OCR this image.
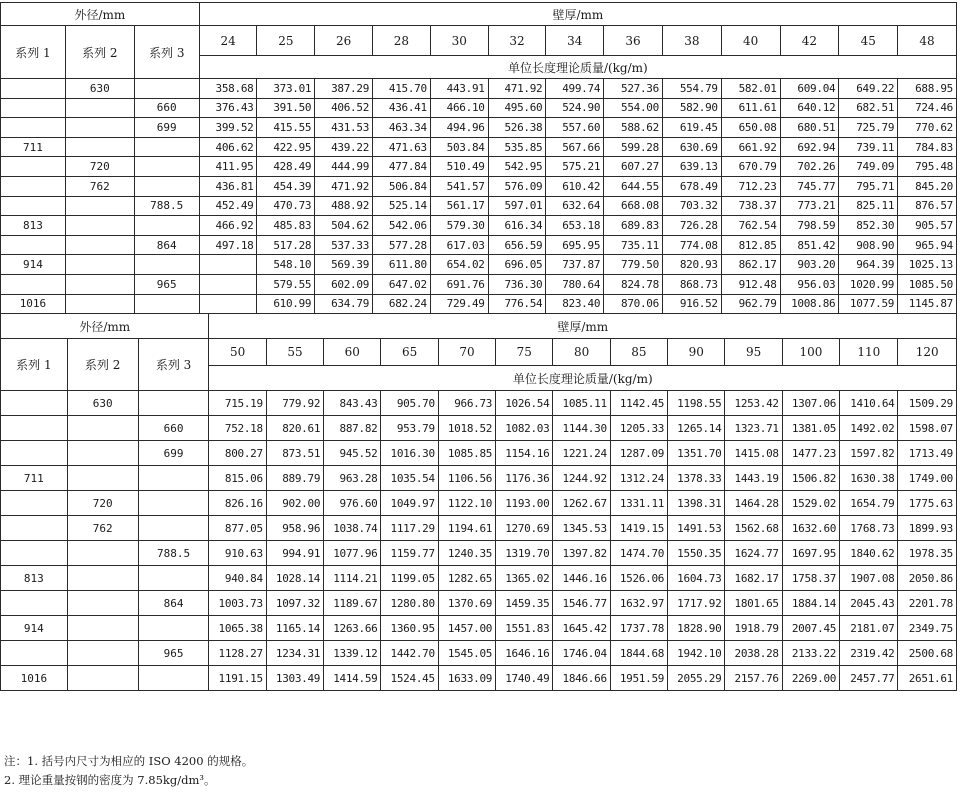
外径/mm			壁厚/mm												
系列 1	系列 2	系列 3	24	25	26	28	30	32	34	36	38	40	42	45	48
			单位长度理论质量/(kg/m)												
	630		358.68	373.01	387.29	415.70	443.91	471.92	499.74	527.36	554.79	582.01	609.04	649.22	688.95
		660	376.43	391.50	406.52	436.41	466.10	495.60	524.90	554.00	582.90	611.61	640.12	682.51	724.46
		699	399.52	415.55	431.53	463.34	494.96	526.38	557.60	588.62	619.45	650.08	680.51	725.79	770.62
711			406.62	422.95	439.22	471.63	503.84	535.85	567.66	599.28	630.69	661.92	692.94	739.11	784.83
	720		411.95	428.49	444.99	477.84	510.49	542.95	575.21	607.27	639.13	670.79	702.26	749.09	795.48
	762		436.81	454.39	471.92	506.84	541.57	576.09	610.42	644.55	678.49	712.23	745.77	795.71	845.20
		788.5	452.49	470.73	488.92	525.14	561.17	597.01	632.64	668.08	703.32	738.37	773.21	825.11	876.57
813			466.92	485.83	504.62	542.06	579.30	616.34	653.18	689.83	726.28	762.54	798.59	852.30	905.57
		864	497.18	517.28	537.33	577.28	617.03	656.59	695.95	735.11	774.08	812.85	851.42	908.90	965.94
914				548.10	569.39	611.80	654.02	696.05	737.87	779.50	820.93	862.17	903.20	964.39	1025.13
		965		579.55	602.09	647.02	691.76	736.30	780.64	824.78	868.73	912.48	956.03	1020.99	1085.50
1016				610.99	634.79	682.24	729.49	776.54	823.40	870.06	916.52	962.79	1008.86	1077.59	1145.87
外径/mm			壁厚/mm												
系列 1	系列 2	系列 3	50	55	60	65	70	75	80	85	90	95	100	110	120
			单位长度理论质量/(kg/m)												
	630		715.19	779.92	843.43	905.70	966.73	1026.54	1085.11	1142.45	1198.55	1253.42	1307.06	1410.64	1509.29
		660	752.18	820.61	887.82	953.79	1018.52	1082.03	1144.30	1205.33	1265.14	1323.71	1381.05	1492.02	1598.07
		699	800.27	873.51	945.52	1016.30	1085.85	1154.16	1221.24	1287.09	1351.70	1415.08	1477.23	1597.82	1713.49
711			815.06	889.79	963.28	1035.54	1106.56	1176.36	1244.92	1312.24	1378.33	1443.19	1506.82	1630.38	1749.00
	720		826.16	902.00	976.60	1049.97	1122.10	1193.00	1262.67	1331.11	1398.31	1464.28	1529.02	1654.79	1775.63
	762		877.05	958.96	1038.74	1117.29	1194.61	1270.69	1345.53	1419.15	1491.53	1562.68	1632.60	1768.73	1899.93
		788.5	910.63	994.91	1077.96	1159.77	1240.35	1319.70	1397.82	1474.70	1550.35	1624.77	1697.95	1840.62	1978.35
813			940.84	1028.14	1114.21	1199.05	1282.65	1365.02	1446.16	1526.06	1604.73	1682.17	1758.37	1907.08	2050.86
		864	1003.73	1097.32	1189.67	1280.80	1370.69	1459.35	1546.77	1632.97	1717.92	1801.65	1884.14	2045.43	2201.78
914			1065.38	1165.14	1263.66	1360.95	1457.00	1551.83	1645.42	1737.78	1828.90	1918.79	2007.45	2181.07	2349.75
		965	1128.27	1234.31	1339.12	1442.70	1545.05	1646.16	1746.04	1844.68	1942.10	2038.28	2133.22	2319.42	2500.68
1016			1191.15	1303.49	1414.59	1524.45	1633.09	1740.49	1846.66	1951.59	2055.29	2157.76	2269.00	2457.77	2651.61
注：1. 括号内尺寸为相应的 ISO 4200 的规格。
2. 理论重量按钢的密度为 7.85kg/dm³。
